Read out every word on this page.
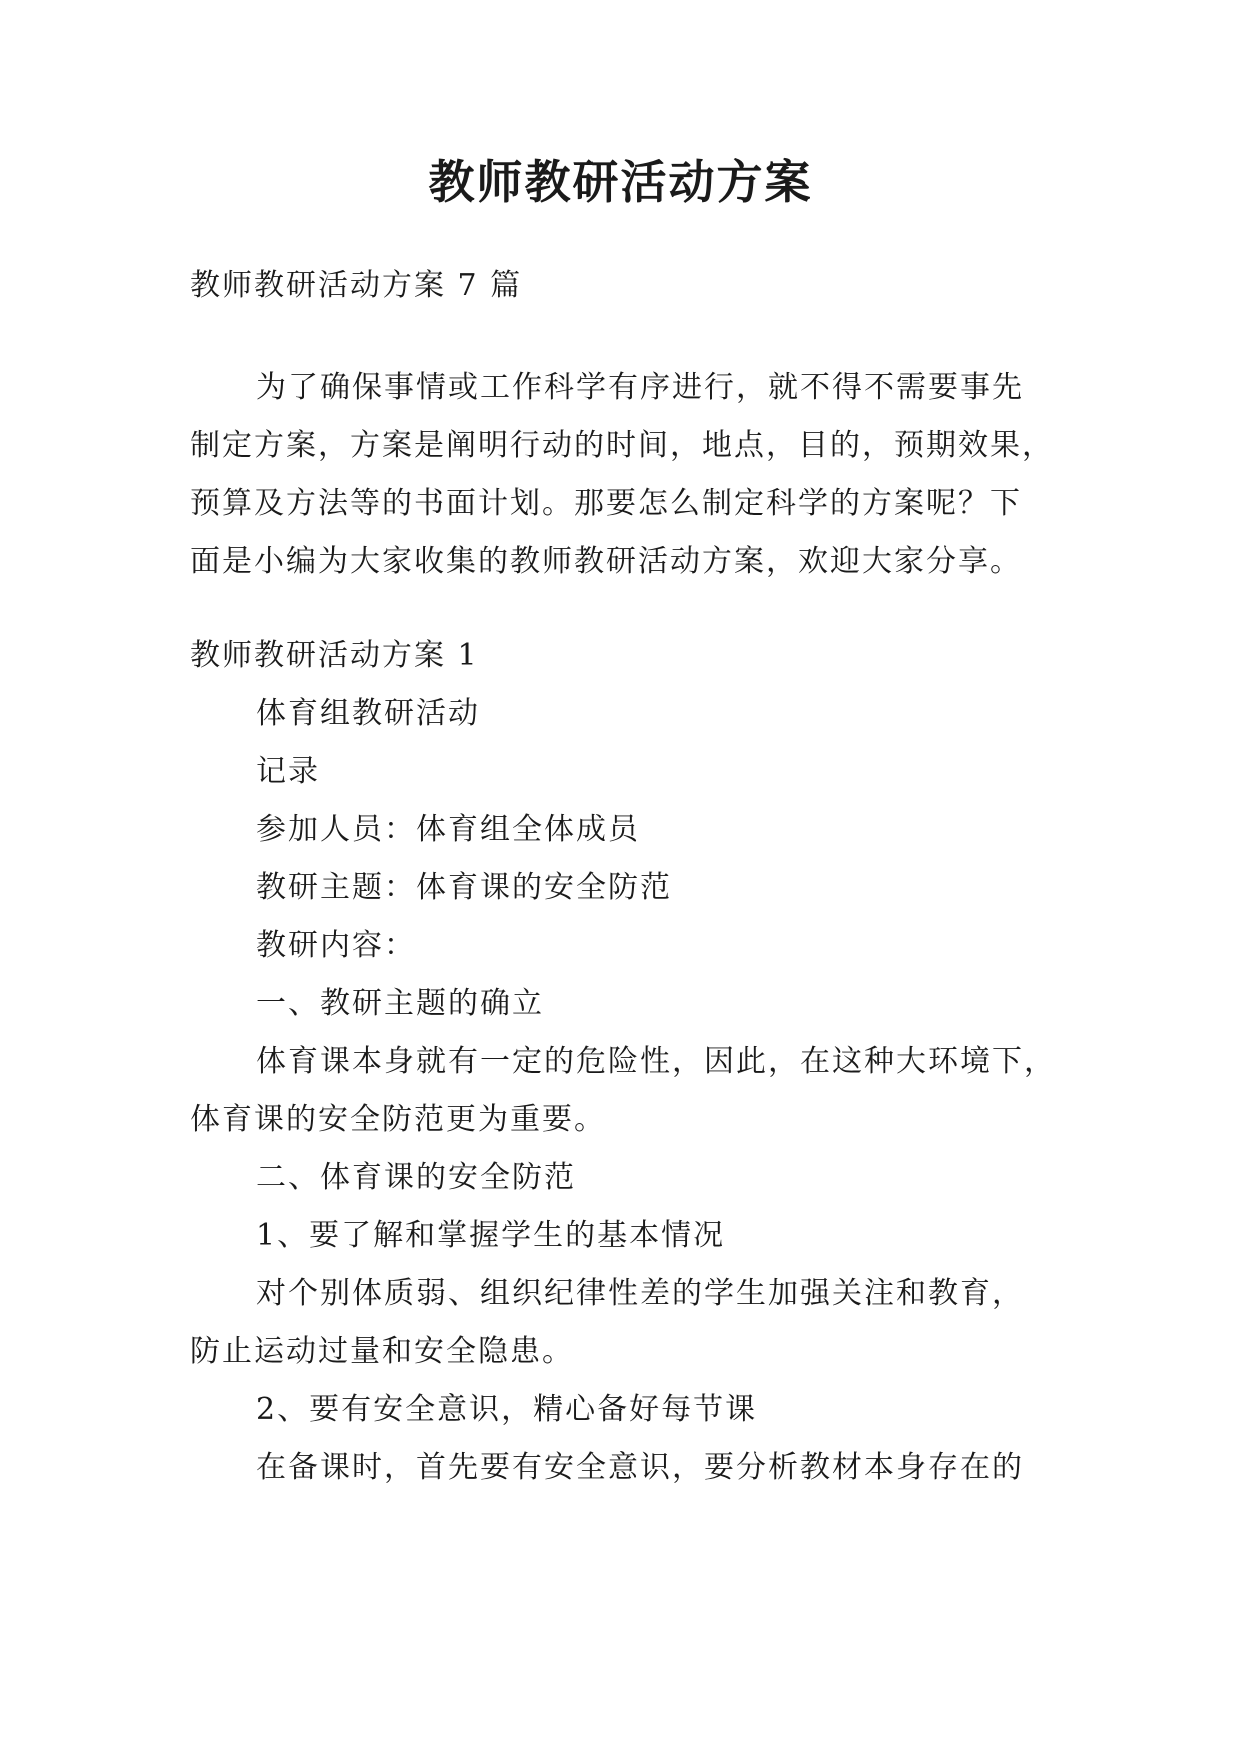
教师教研活动方案
教师教研活动方案 7 篇
为了确保事情或工作科学有序进行，就不得不需要事先
制定方案，方案是阐明行动的时间，地点，目的，预期效果，
预算及方法等的书面计划。那要怎么制定科学的方案呢？下
面是小编为大家收集的教师教研活动方案，欢迎大家分享。
教师教研活动方案 1
体育组教研活动
记录
参加人员：体育组全体成员
教研主题：体育课的安全防范
教研内容：
一、教研主题的确立
体育课本身就有一定的危险性，因此，在这种大环境下，
体育课的安全防范更为重要。
二、体育课的安全防范
1、要了解和掌握学生的基本情况
对个别体质弱、组织纪律性差的学生加强关注和教育，
防止运动过量和安全隐患。
2、要有安全意识，精心备好每节课
在备课时，首先要有安全意识，要分析教材本身存在的
